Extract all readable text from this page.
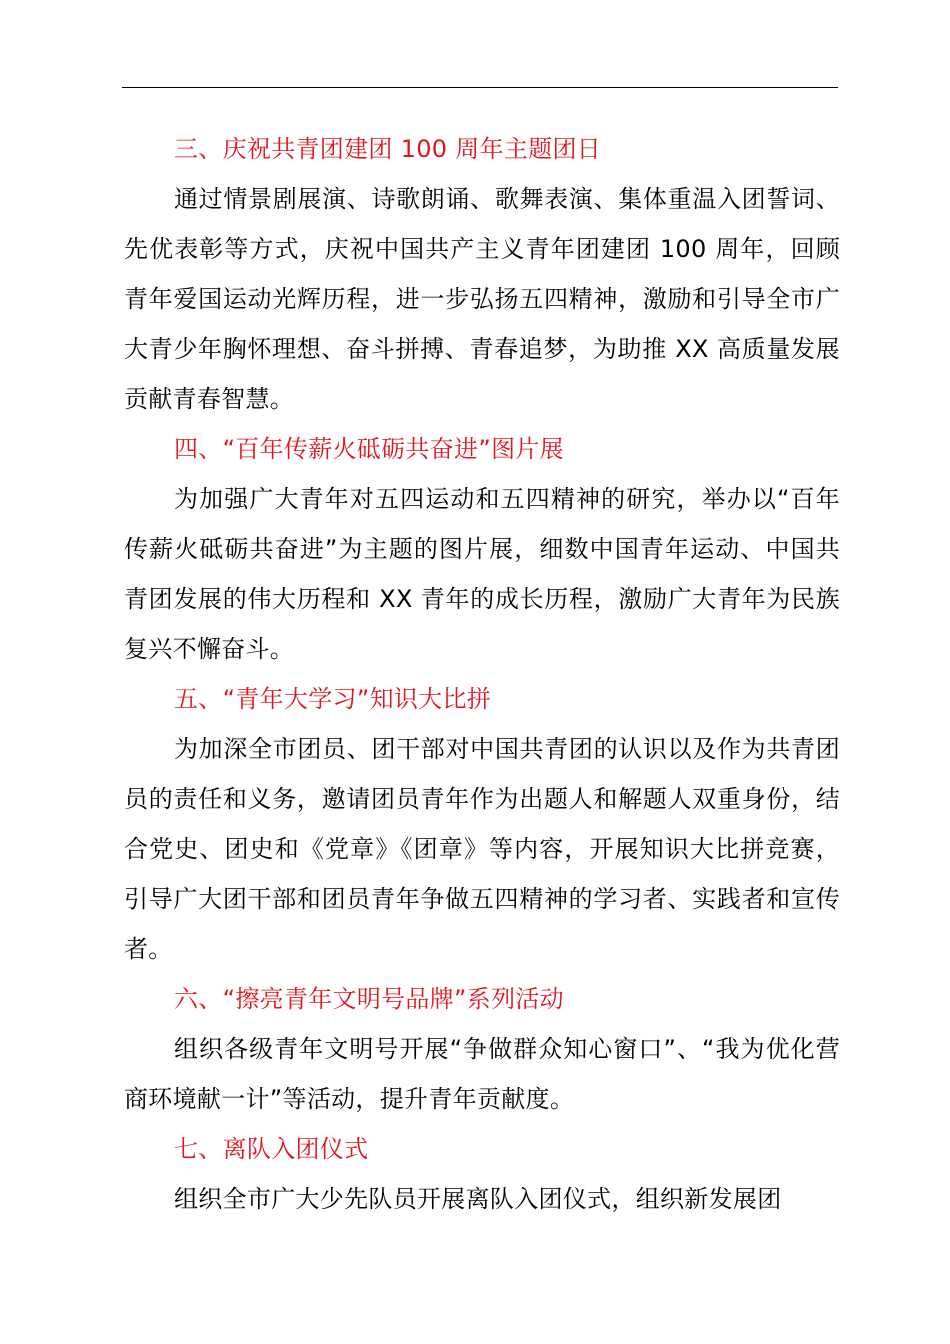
三、庆祝共青团建团 100 周年主题团日

通过情景剧展演、诗歌朗诵、歌舞表演、集体重温入团誓词、先优表彰等方式，庆祝中国共产主义青年团建团 100 周年，回顾青年爱国运动光辉历程，进一步弘扬五四精神，激励和引导全市广大青少年胸怀理想、奋斗拼搏、青春追梦，为助推 XX 高质量发展贡献青春智慧。

四、“百年传薪火砥砺共奋进”图片展

为加强广大青年对五四运动和五四精神的研究，举办以“百年传薪火砥砺共奋进”为主题的图片展，细数中国青年运动、中国共青团发展的伟大历程和 XX 青年的成长历程，激励广大青年为民族复兴不懈奋斗。

五、“青年大学习”知识大比拼

为加深全市团员、团干部对中国共青团的认识以及作为共青团员的责任和义务，邀请团员青年作为出题人和解题人双重身份，结合党史、团史和《党章》《团章》等内容，开展知识大比拼竞赛，引导广大团干部和团员青年争做五四精神的学习者、实践者和宣传者。

六、“擦亮青年文明号品牌”系列活动

组织各级青年文明号开展“争做群众知心窗口”、“我为优化营商环境献一计”等活动，提升青年贡献度。

七、离队入团仪式

组织全市广大少先队员开展离队入团仪式，组织新发展团
